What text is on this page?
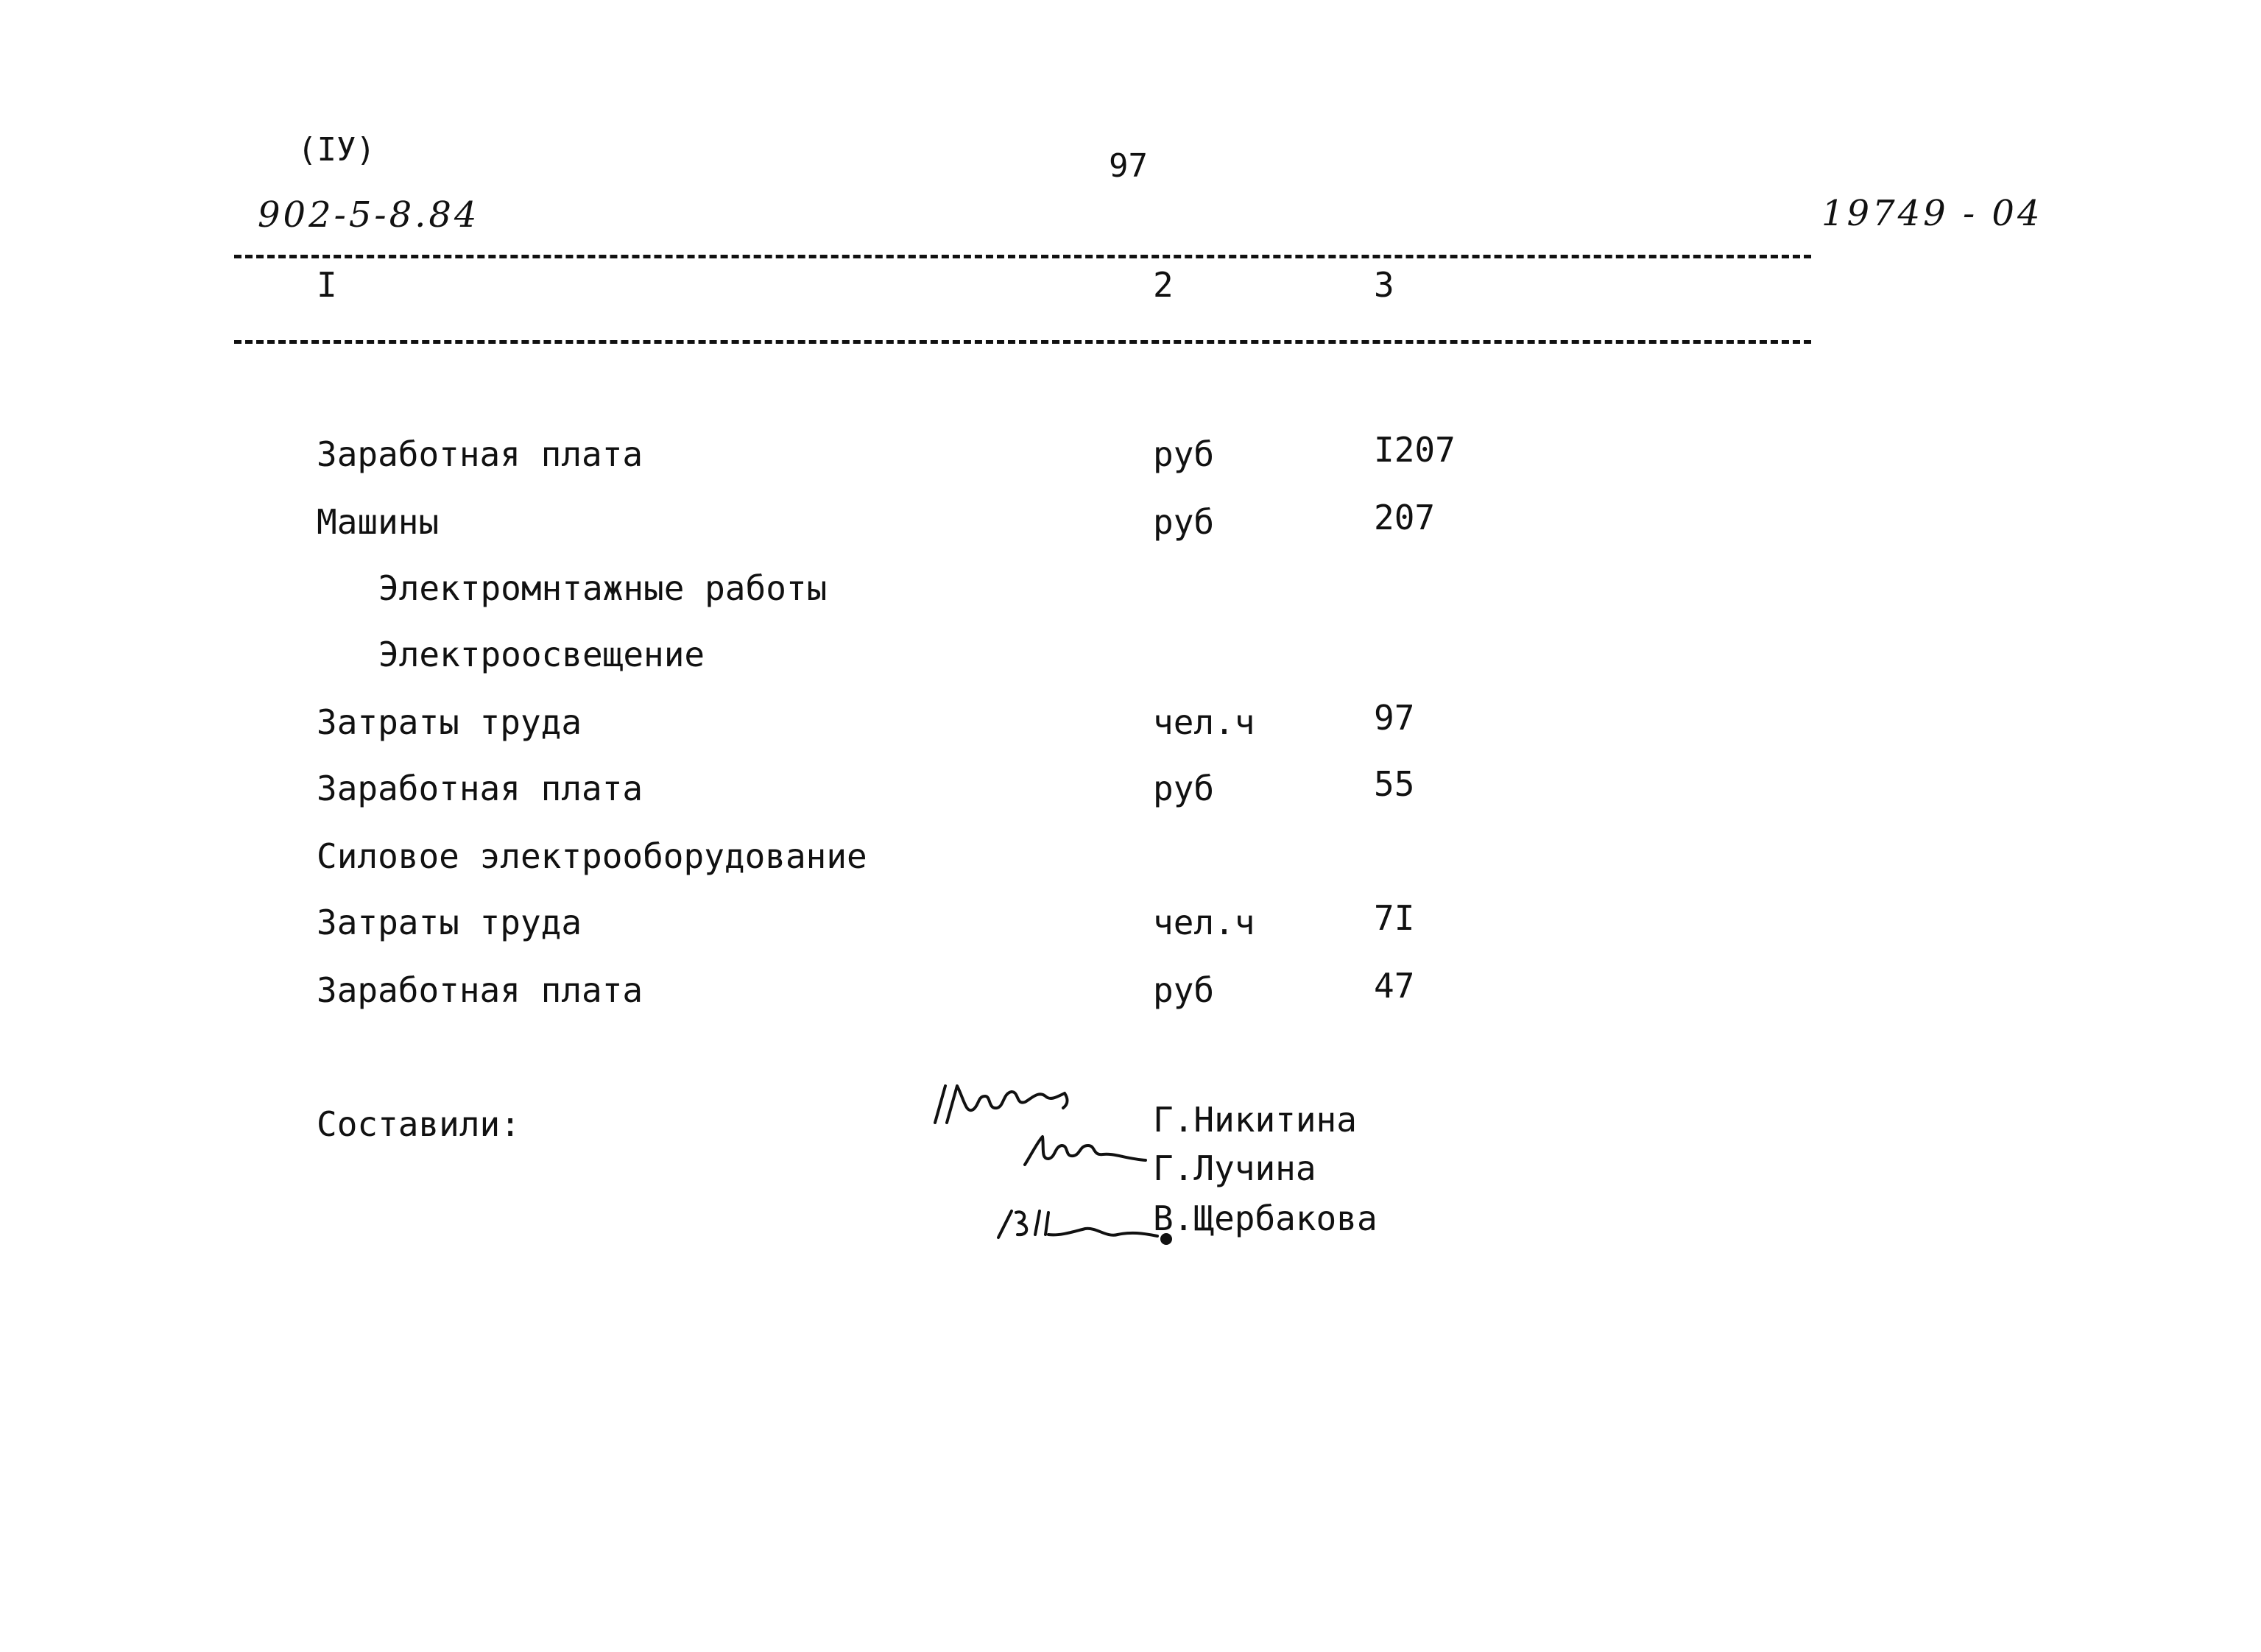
(IУ)	97
902-5-8.84	19749 - 04
I	2	3
Заработная плата	руб	I207
Машины	руб	207
Электромнтажные работы
Электроосвещение
Затраты труда	чел.ч	97
Заработная плата	руб	55
Силовое электрооборудование
Затраты труда	чел.ч	7I
Заработная плата	руб	47
Составили:	Г.Никитина
Г.Лучина
В.Щербакова
